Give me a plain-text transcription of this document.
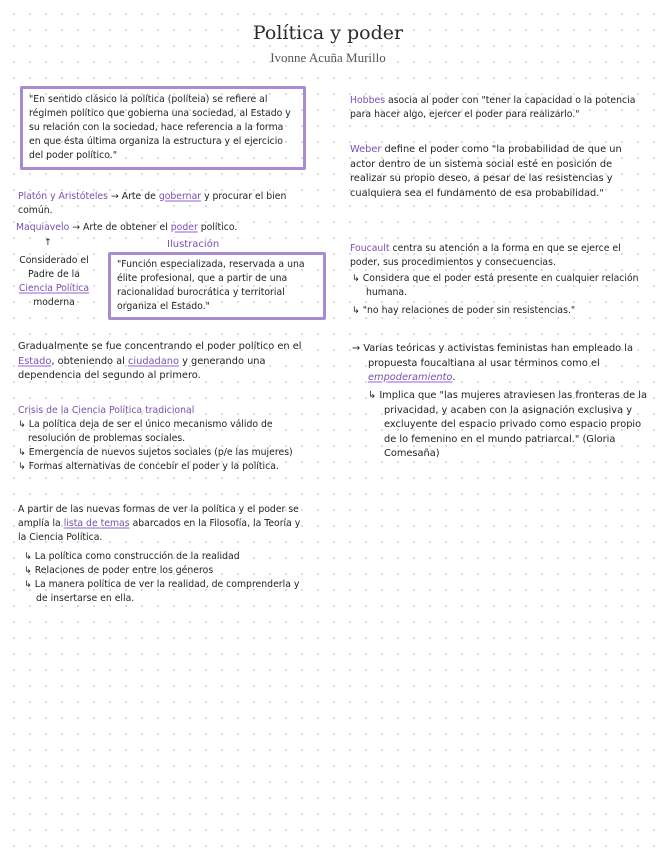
Política y poder
Ivonne Acuña Murillo
"En sentido clásico la política (políteia) se refiere al régimen político que gobierna una sociedad, al Estado y su relación con la sociedad, hace referencia a la forma en que ésta última organiza la estructura y el ejercicio del poder político."
Platón y Aristóteles → Arte de gobernar y procurar el bien común.
Maquiavelo → Arte de obtener el poder político.
↑
Considerado el Padre de la Ciencia Política moderna
"Función especializada, reservada a una élite profesional, que a partir de una racionalidad burocrática y territorial organiza el Estado."
Ilustración
Gradualmente se fue concentrando el poder político en el Estado, obteniendo al ciudadano y generando una dependencia del segundo al primero.
Crisis de la Ciencia Política tradicional
↳ La política deja de ser el único mecanismo válido de resolución de problemas sociales.
↳ Emergencia de nuevos sujetos sociales (p/e las mujeres)
↳ Formas alternativas de concebir el poder y la política.
A partir de las nuevas formas de ver la política y el poder se amplía la lista de temas abarcados en la Filosofía, la Teoría y la Ciencia Política.
↳ La política como construcción de la realidad
↳ Relaciones de poder entre los géneros
↳ La manera política de ver la realidad, de comprenderla y de insertarse en ella.
Hobbes asocia al poder con "tener la capacidad o la potencia para hacer algo, ejercer el poder para realizarlo."
Weber define el poder como "la probabilidad de que un actor dentro de un sistema social esté en posición de realizar su propio deseo, a pesar de las resistencias y cualquiera sea el fundamento de esa probabilidad."
Foucault centra su atención a la forma en que se ejerce el poder, sus procedimientos y consecuencias.
↳ Considera que el poder está presente en cualquier relación humana.
↳ "no hay relaciones de poder sin resistencias."
→ Varias teóricas y activistas feministas han empleado la propuesta foucaltiana al usar términos como el empoderamiento.
↳ Implica que "las mujeres atraviesen las fronteras de la privacidad, y acaben con la asignación exclusiva y excluyente del espacio privado como espacio propio de lo femenino en el mundo patriarcal." (Gloria Comesaña)
